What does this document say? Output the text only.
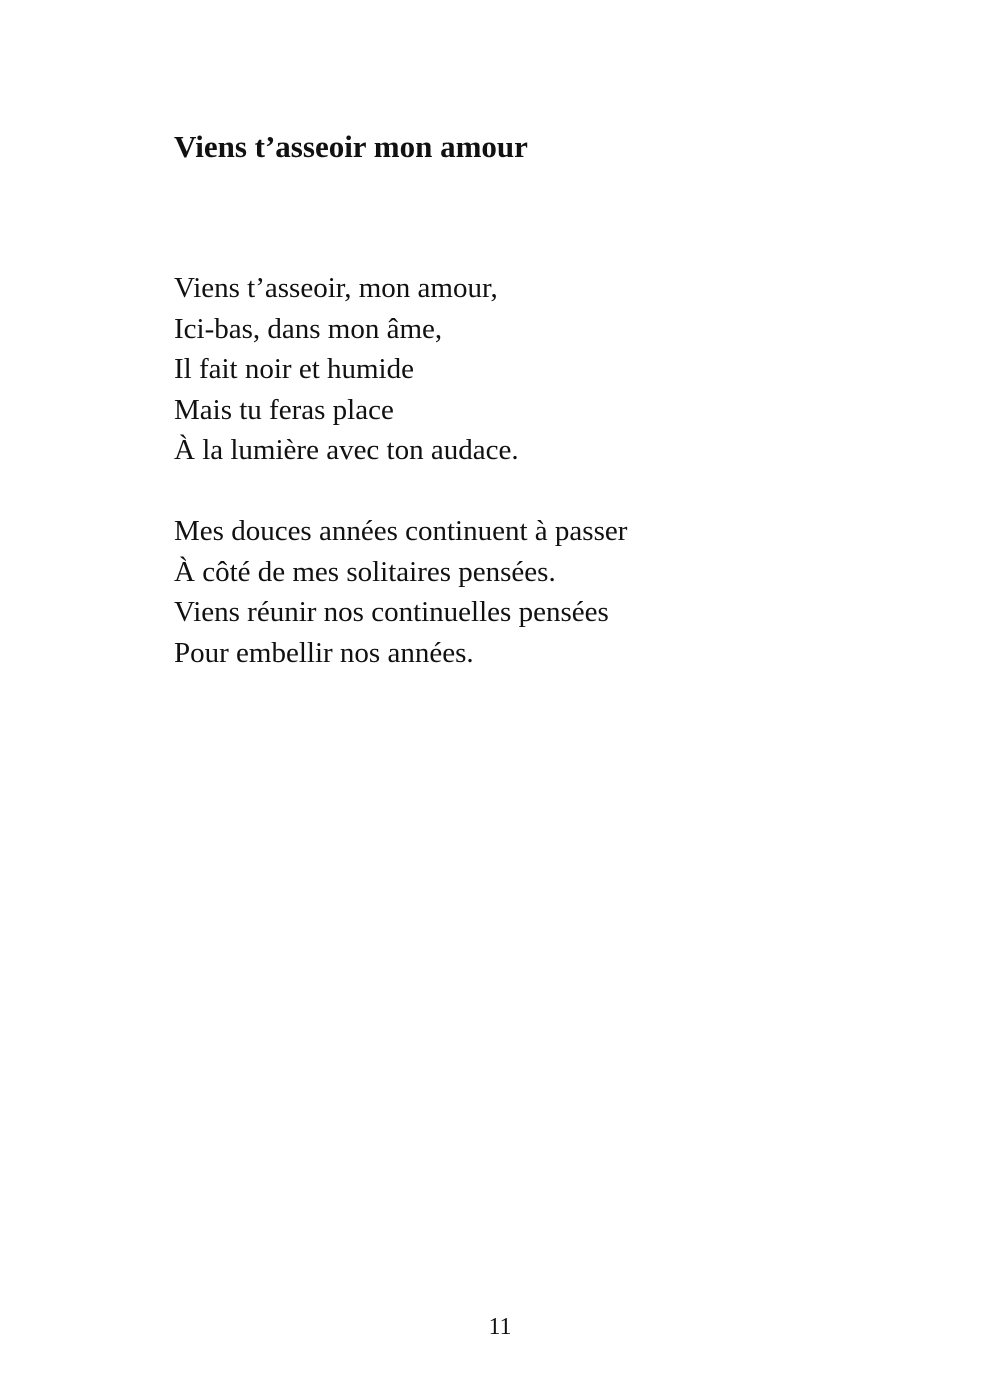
Viens t’asseoir mon amour
Viens t’asseoir, mon amour,
Ici-bas, dans mon âme,
Il fait noir et humide
Mais tu feras place
À la lumière avec ton audace.
Mes douces années continuent à passer
À côté de mes solitaires pensées.
Viens réunir nos continuelles pensées
Pour embellir nos années.
11
